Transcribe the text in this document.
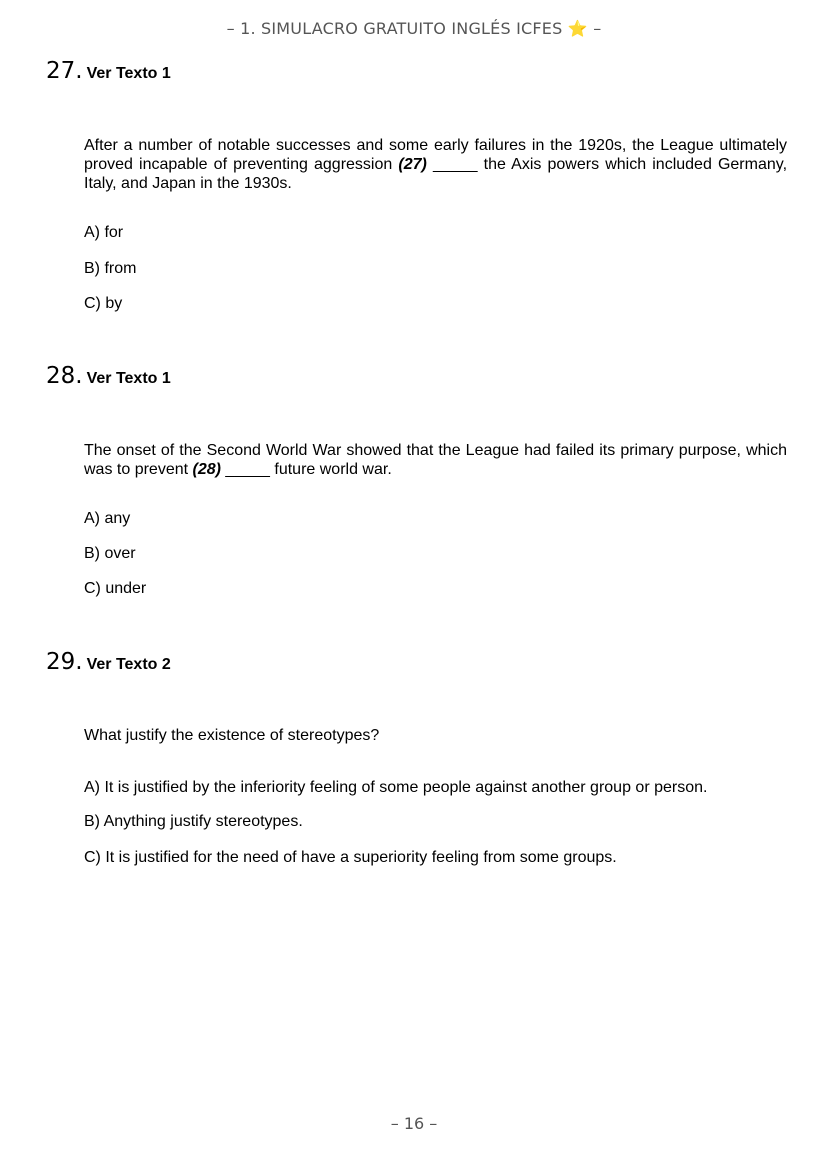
– 1. SIMULACRO GRATUITO INGLÉS ICFES ⭐ –
27. Ver Texto 1
After a number of notable successes and some early failures in the 1920s, the League ultimately proved incapable of preventing aggression (27) _____ the Axis powers which included Germany, Italy, and Japan in the 1930s.
A) for
B) from
C) by
28. Ver Texto 1
The onset of the Second World War showed that the League had failed its primary purpose, which was to prevent (28) _____ future world war.
A) any
B) over
C) under
29. Ver Texto 2
What justify the existence of stereotypes?
A) It is justified by the inferiority feeling of some people against another group or person.
B) Anything justify stereotypes.
C) It is justified for the need of have a superiority feeling from some groups.
– 16 –
